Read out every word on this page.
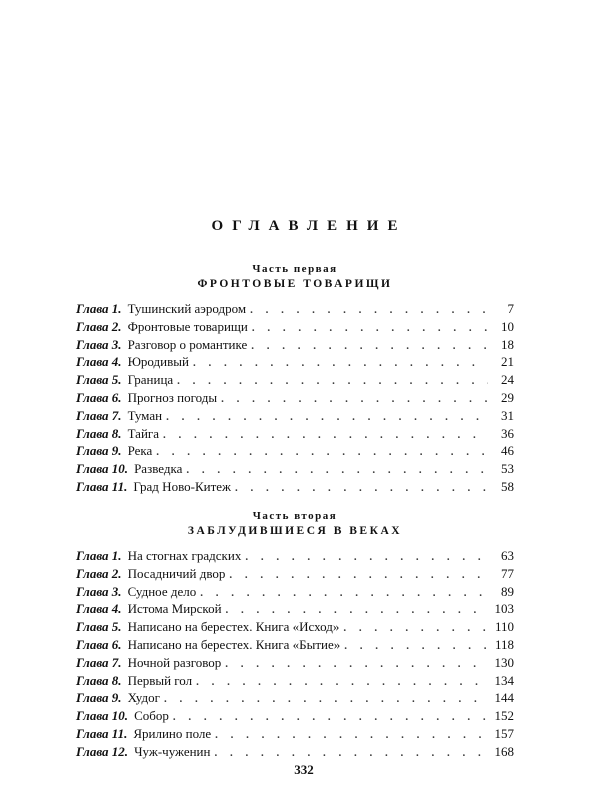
ОГЛАВЛЕНИЕ
Часть первая
ФРОНТОВЫЕ ТОВАРИЩИ
Глава 1. Тушинский аэродром . . .	7
Глава 2. Фронтовые товарищи . . .	10
Глава 3. Разговор о романтике . . .	18
Глава 4. Юродивый . . .	21
Глава 5. Граница . . .	24
Глава 6. Прогноз погоды . . .	29
Глава 7. Туман . . .	31
Глава 8. Тайга . . .	36
Глава 9. Река . . .	46
Глава 10. Разведка . . .	53
Глава 11. Град Ново-Китеж . . .	58
Часть вторая
ЗАБЛУДИВШИЕСЯ В ВЕКАХ
Глава 1. На стогнах градских . . .	63
Глава 2. Посадничий двор . . .	77
Глава 3. Судное дело . . .	89
Глава 4. Истома Мирской . . .	103
Глава 5. Написано на берестех. Книга «Исход» . . .	110
Глава 6. Написано на берестех. Книга «Бытие» . . .	118
Глава 7. Ночной разговор . . .	130
Глава 8. Первый гол . . .	134
Глава 9. Худог . . .	144
Глава 10. Собор . . .	152
Глава 11. Ярилино поле . . .	157
Глава 12. Чуж-чуженин . . .	168
332
